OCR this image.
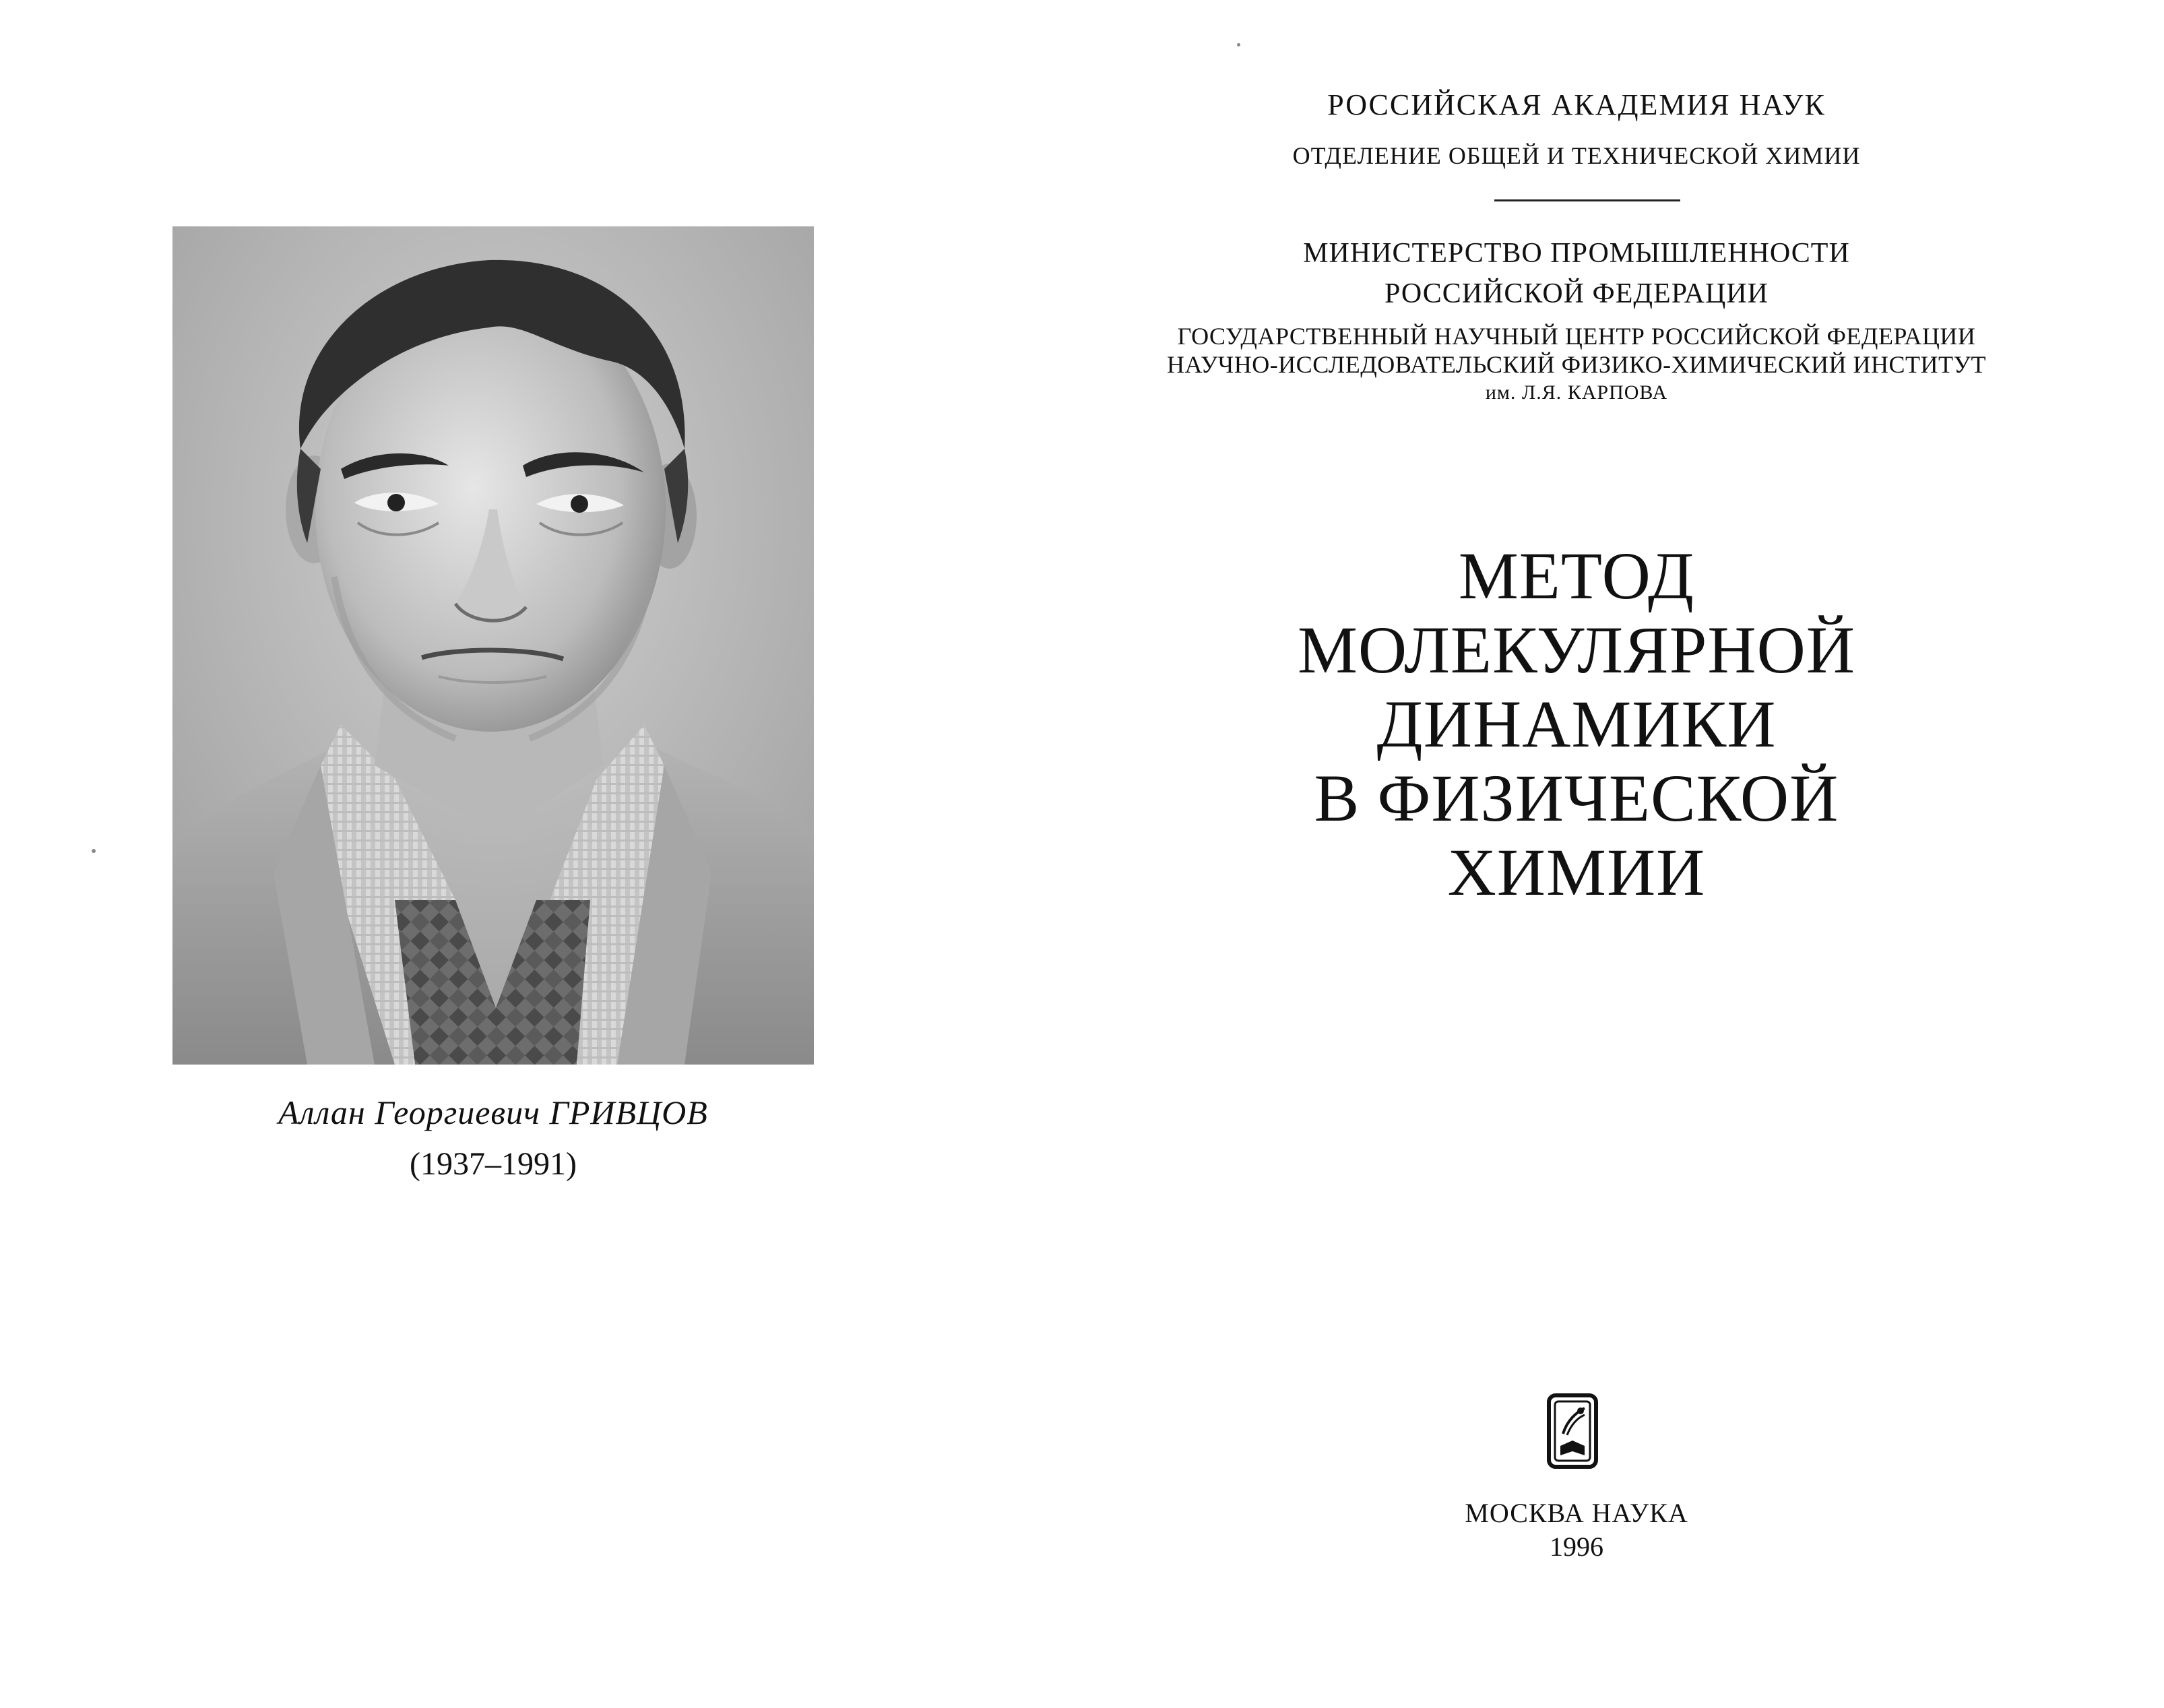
Аллан Георгиевич ГРИВЦОВ
(1937–1991)
РОССИЙСКАЯ АКАДЕМИЯ НАУК
ОТДЕЛЕНИЕ ОБЩЕЙ И ТЕХНИЧЕСКОЙ ХИМИИ
МИНИСТЕРСТВО ПРОМЫШЛЕННОСТИ
РОССИЙСКОЙ ФЕДЕРАЦИИ
ГОСУДАРСТВЕННЫЙ НАУЧНЫЙ ЦЕНТР РОССИЙСКОЙ ФЕДЕРАЦИИ
НАУЧНО-ИССЛЕДОВАТЕЛЬСКИЙ ФИЗИКО-ХИМИЧЕСКИЙ ИНСТИТУТ
им. Л.Я. КАРПОВА
МЕТОД
МОЛЕКУЛЯРНОЙ
ДИНАМИКИ
В ФИЗИЧЕСКОЙ
ХИМИИ
МОСКВА НАУКА
1996
